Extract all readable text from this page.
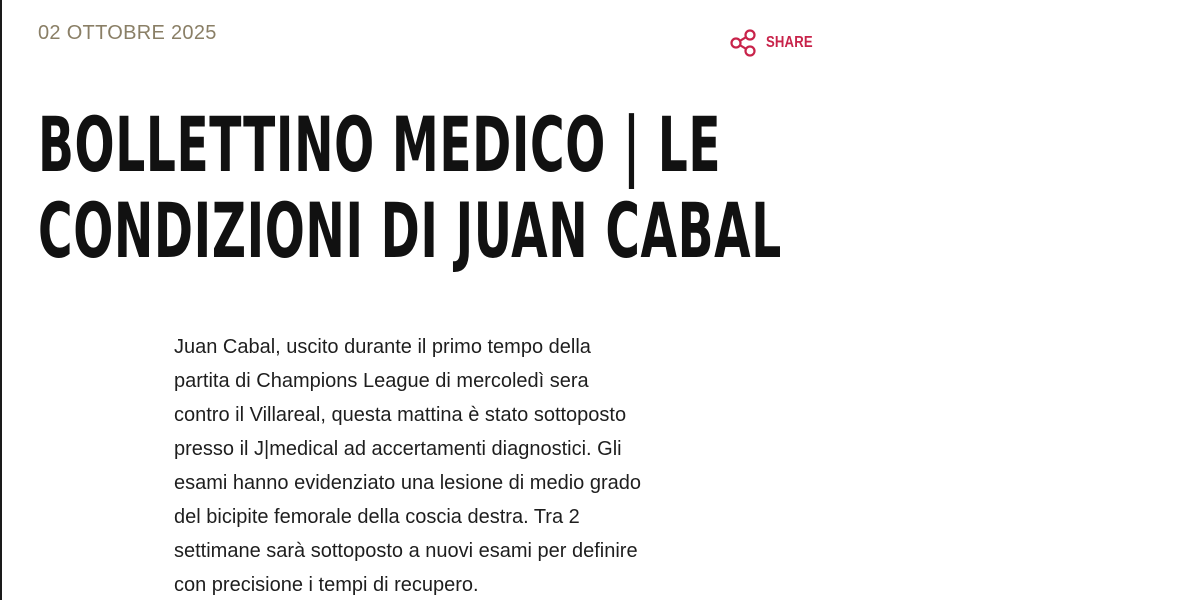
02 OTTOBRE 2025	SHARE
BOLLETTINO MEDICO | LE
CONDIZIONI DI JUAN CABAL
Juan Cabal, uscito durante il primo tempo della
partita di Champions League di mercoledì sera
contro il Villareal, questa mattina è stato sottoposto
presso il J|medical ad accertamenti diagnostici. Gli
esami hanno evidenziato una lesione di medio grado
del bicipite femorale della coscia destra. Tra 2
settimane sarà sottoposto a nuovi esami per definire
con precisione i tempi di recupero.
